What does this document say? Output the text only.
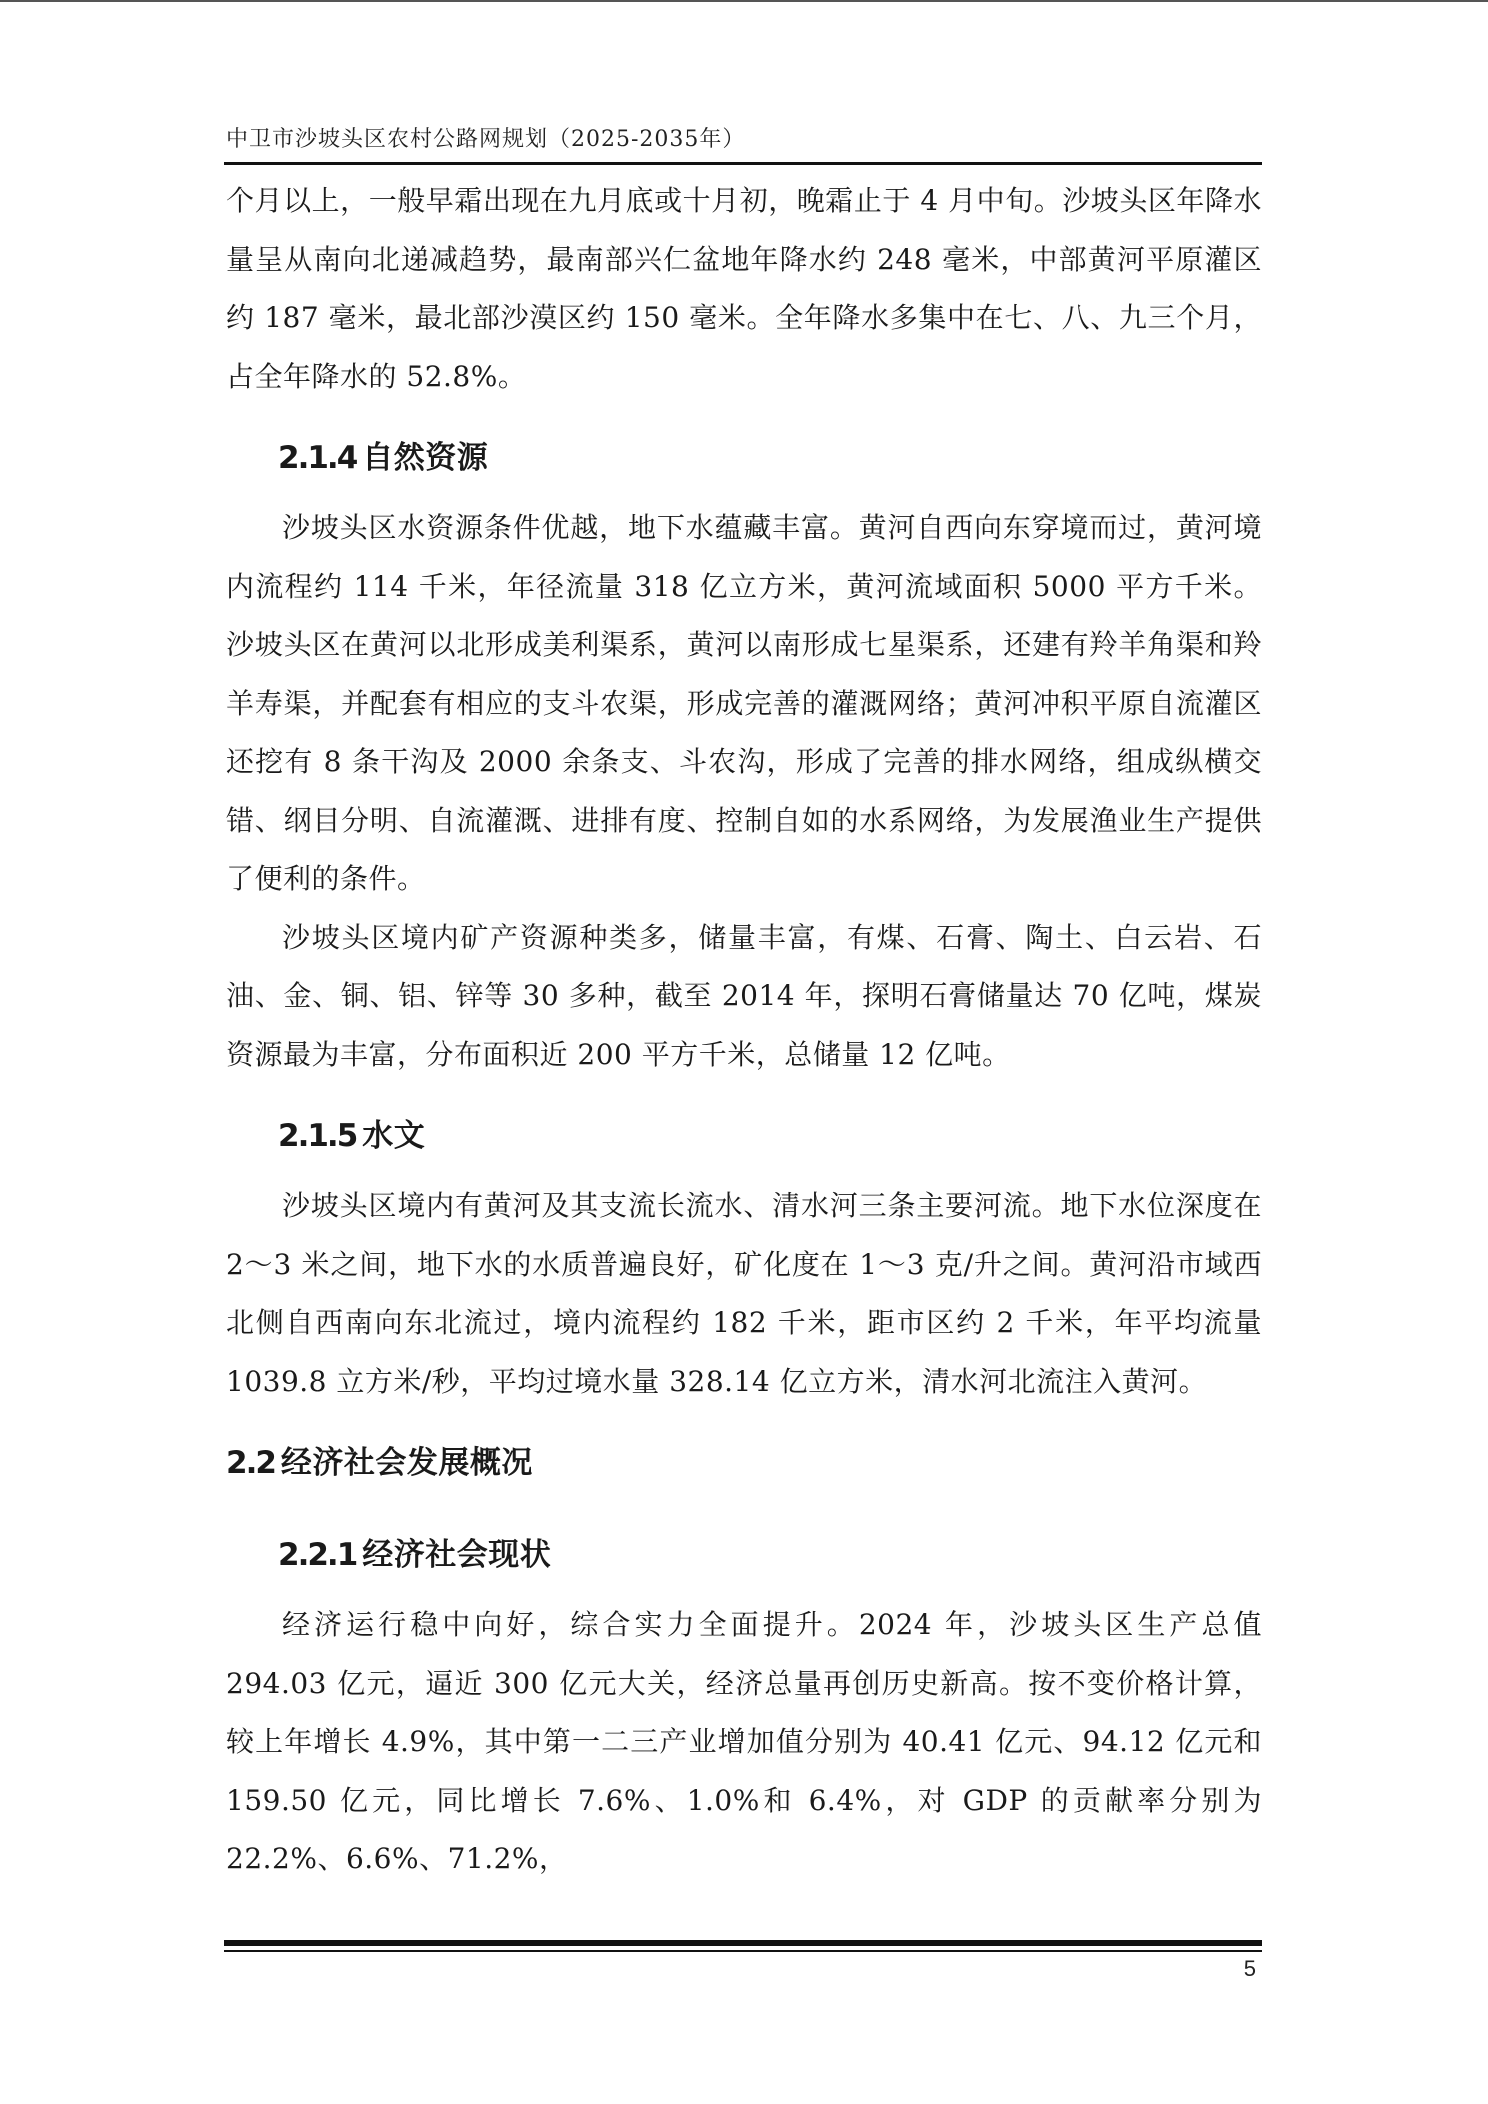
中卫市沙坡头区农村公路网规划（2025-2035年）

个月以上，一般早霜出现在九月底或十月初，晚霜止于 4 月中旬。沙坡头区年降水量呈从南向北递减趋势，最南部兴仁盆地年降水约 248 毫米，中部黄河平原灌区约 187 毫米，最北部沙漠区约 150 毫米。全年降水多集中在七、八、九三个月，占全年降水的 52.8%。

2.1.4 自然资源

沙坡头区水资源条件优越，地下水蕴藏丰富。黄河自西向东穿境而过，黄河境内流程约 114 千米，年径流量 318 亿立方米，黄河流域面积 5000 平方千米。沙坡头区在黄河以北形成美利渠系，黄河以南形成七星渠系，还建有羚羊角渠和羚羊寿渠，并配套有相应的支斗农渠，形成完善的灌溉网络；黄河冲积平原自流灌区还挖有 8 条干沟及 2000 余条支、斗农沟，形成了完善的排水网络，组成纵横交错、纲目分明、自流灌溉、进排有度、控制自如的水系网络，为发展渔业生产提供了便利的条件。

沙坡头区境内矿产资源种类多，储量丰富，有煤、石膏、陶土、白云岩、石油、金、铜、铝、锌等 30 多种，截至 2014 年，探明石膏储量达 70 亿吨，煤炭资源最为丰富，分布面积近 200 平方千米，总储量 12 亿吨。

2.1.5 水文

沙坡头区境内有黄河及其支流长流水、清水河三条主要河流。地下水位深度在 2～3 米之间，地下水的水质普遍良好，矿化度在 1～3 克/升之间。黄河沿市域西北侧自西南向东北流过，境内流程约 182 千米，距市区约 2 千米，年平均流量 1039.8 立方米/秒，平均过境水量 328.14 亿立方米，清水河北流注入黄河。

2.2 经济社会发展概况
2.2.1 经济社会现状

经济运行稳中向好，综合实力全面提升。2024 年，沙坡头区生产总值 294.03 亿元，逼近 300 亿元大关，经济总量再创历史新高。按不变价格计算，较上年增长 4.9%，其中第一二三产业增加值分别为 40.41 亿元、94.12 亿元和 159.50 亿元，同比增长 7.6%、1.0%和 6.4%，对 GDP 的贡献率分别为 22.2%、6.6%、71.2%，

5
